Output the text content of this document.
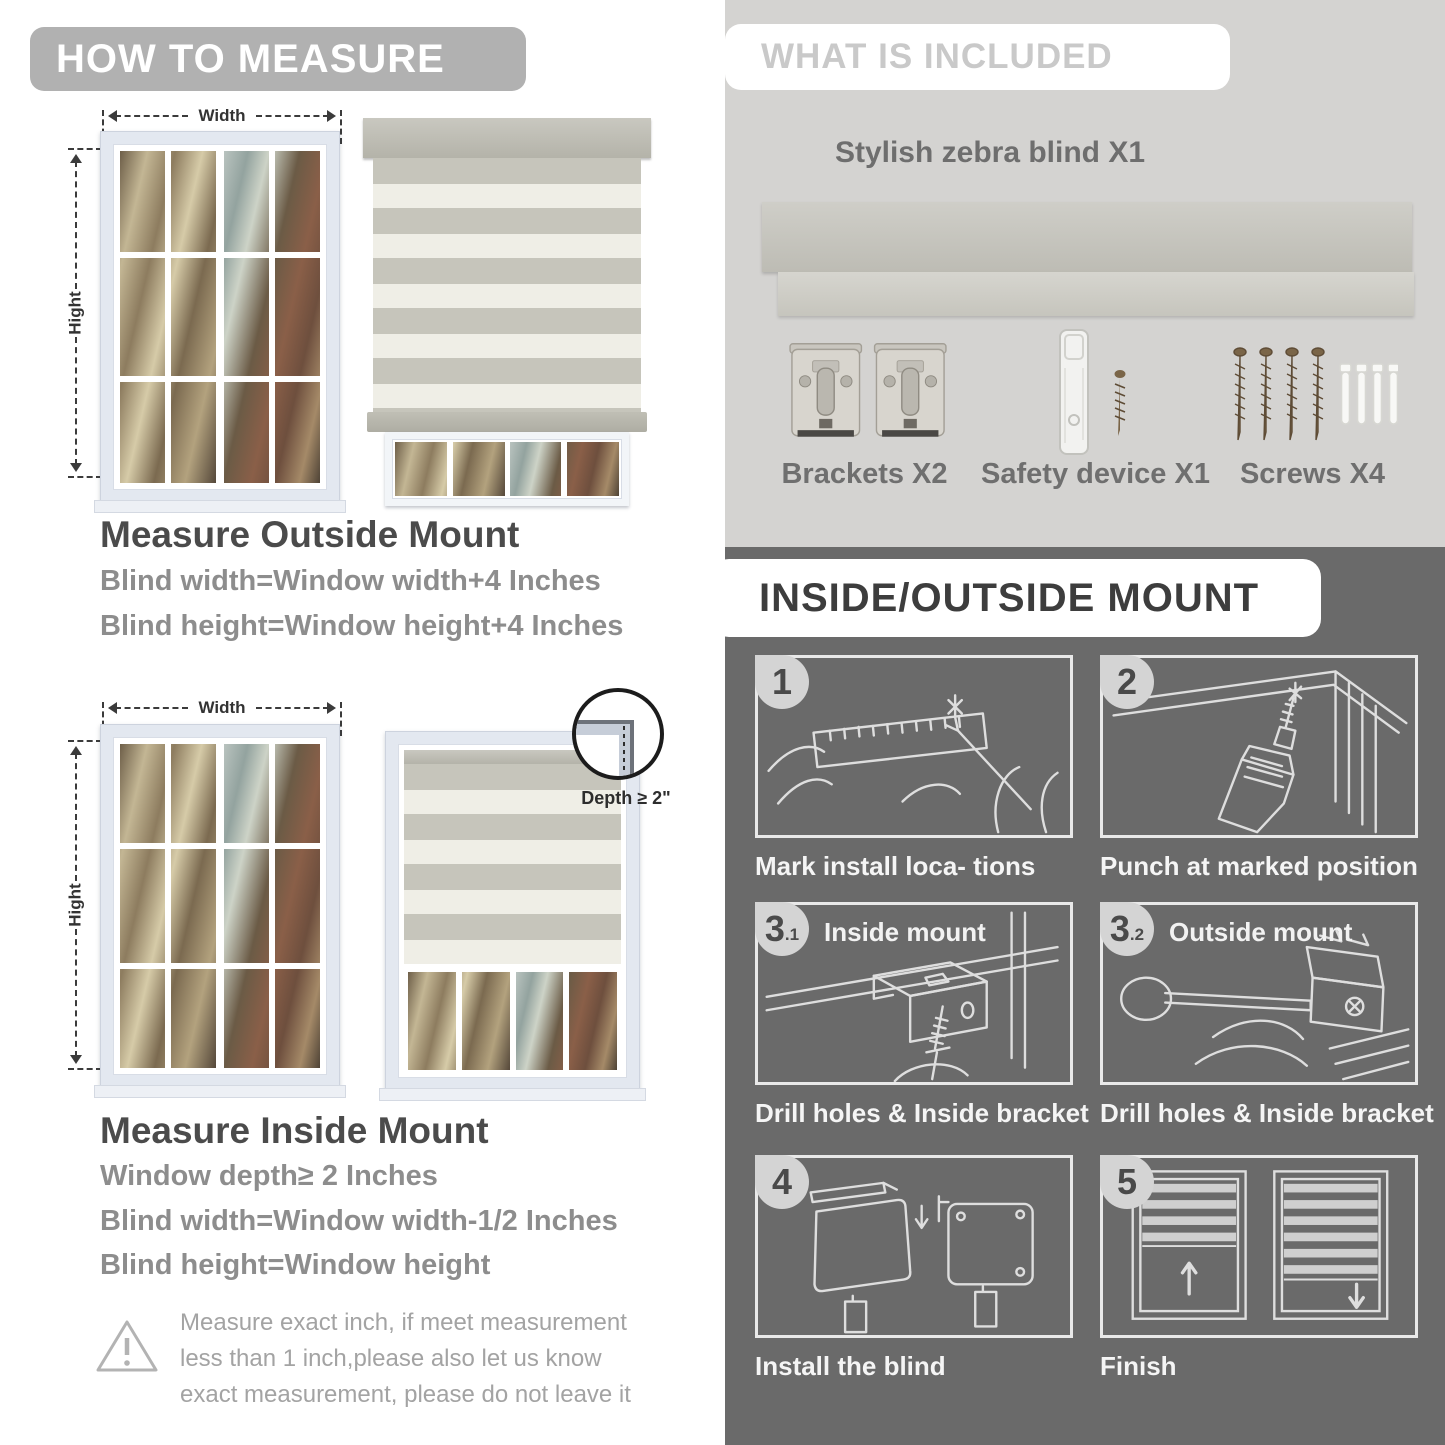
HOW TO MEASURE
Width
Hight
Measure Outside Mount
Blind width=Window width+4 Inches
Blind height=Window height+4 Inches
Width
Hight
Depth ≥ 2"
Measure Inside Mount
Window depth≥ 2 Inches
Blind width=Window width-1/2 Inches
Blind height=Window height
Measure exact inch, if meet measurement less than 1 inch,please also let us know exact measurement, please do not leave it
WHAT IS INCLUDED
Stylish zebra blind X1
Brackets X2	Safety device X1	Screws X4
INSIDE/OUTSIDE MOUNT
1
Mark install loca- tions
2
Punch at marked position
3 .1 Inside mount
Drill holes & Inside bracket
3 .2 Outside mount
Drill holes & Inside bracket
4
Install the blind
5
Finish
